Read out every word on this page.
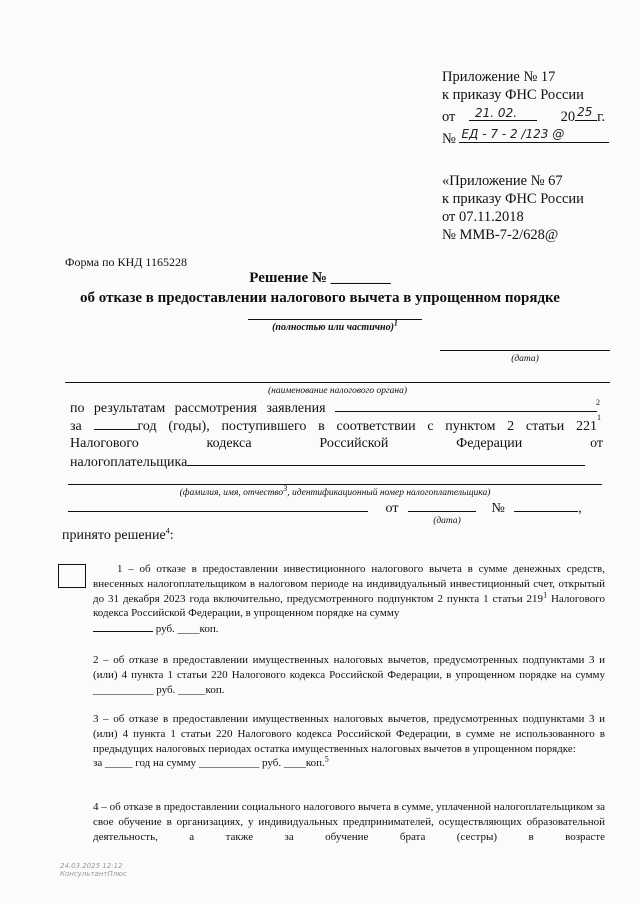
Приложение № 17
к приказу ФНС России
от 21. 02.	20 25 г.
№ ЕД - 7 - 2 /123 @
«Приложение № 67
к приказу ФНС России
от 07.11.2018
№ ММВ-7-2/628@
Форма по КНД 1165228
Решение № ________
об отказе в предоставлении налогового вычета в упрощенном порядке
(полностью или частично)$^1$
(дата)
(наименование налогового органа)
по результатам рассмотрения заявления	2
за	год (годы), поступившего в соответствии с пунктом 2 статьи 221
1
Налогового кодекса Российской Федерации от
налогоплательщика
(фамилия, имя, отчество$^3$, идентификационный номер налогоплательщика)
от	№	,
(дата)
принято решение$^4$:

1 – об отказе в предоставлении инвестиционного налогового вычета в сумме денежных средств, внесенных налогоплательщиком в налоговом периоде на индивидуальный инвестиционный счет, открытый до 31 декабря 2023 года включительно, предусмотренного подпунктом 2 пункта 1 статьи $219^1$ Налогового кодекса Российской Федерации, в упрощенном порядке на сумму

руб. ____коп.

2 – об отказе в предоставлении имущественных налоговых вычетов, предусмотренных подпунктами 3 и (или) 4 пункта 1 статьи 220 Налогового кодекса Российской Федерации, в упрощенном порядке на сумму ___________ руб. _____коп.

3 – об отказе в предоставлении имущественных налоговых вычетов, предусмотренных подпунктами 3 и (или) 4 пункта 1 статьи 220 Налогового кодекса Российской Федерации, в сумме не использованного в предыдущих налоговых периодах остатка имущественных налоговых вычетов в упрощенном порядке:

за _____ год на сумму ___________ руб. ____коп.$^5$

4 – об отказе в предоставлении социального налогового вычета в сумме, уплаченной налогоплательщиком за свое обучение в организациях, у индивидуальных предпринимателей, осуществляющих образовательной деятельность, а также за обучение брата (сестры) в возрасте

24.03.2025 12:12
КонсультантПлюс
